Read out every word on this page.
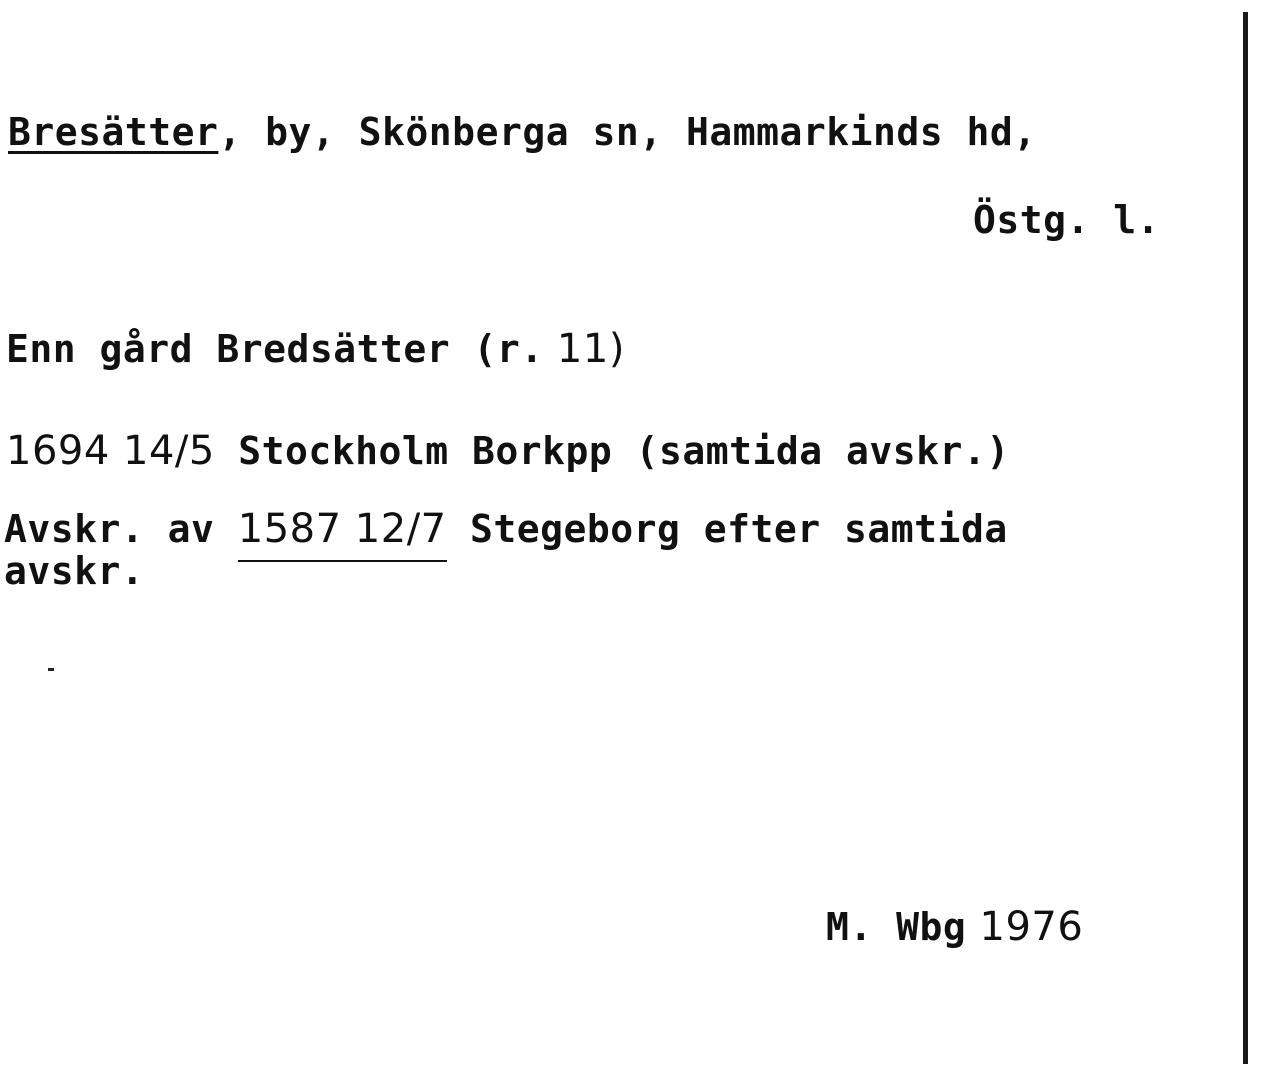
Bresätter, by, Skönberga sn, Hammarkinds hd,
Östg. l.
Enn gård Bredsätter (r. 11)
1694 14/5 Stockholm Borkpp (samtida avskr.)
Avskr. av 1587 12/7 Stegeborg efter samtida
avskr.
M. Wbg 1976
